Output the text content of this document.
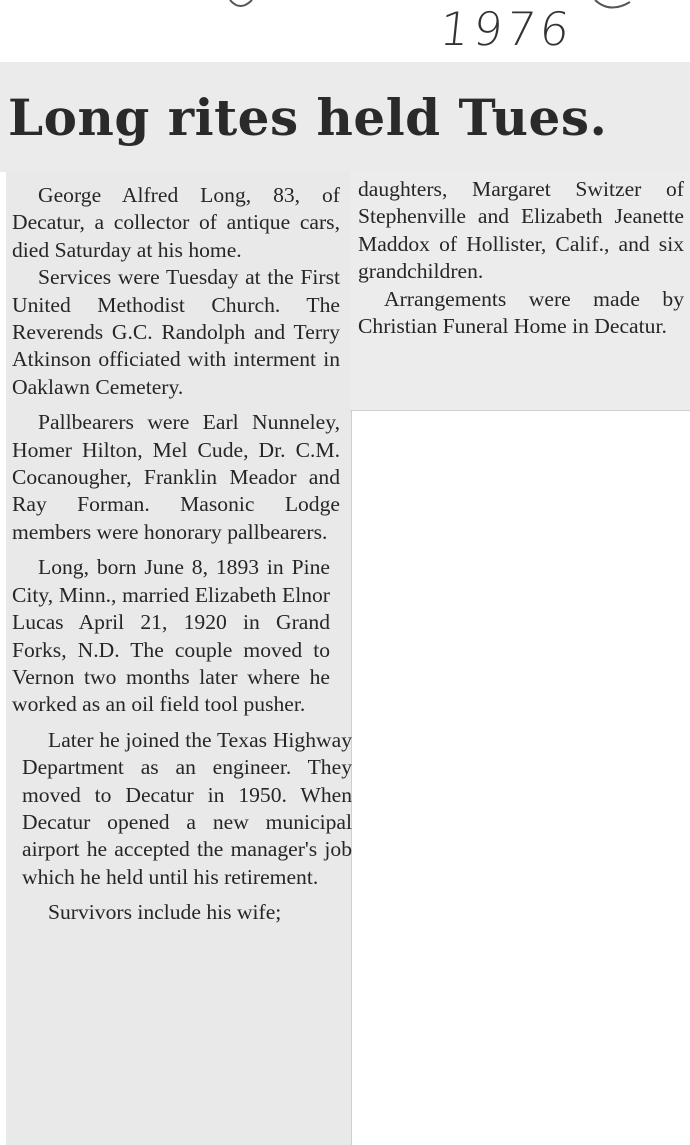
1976
Long rites held Tues.

George Alfred Long, 83, of Decatur, a collector of antique cars, died Saturday at his home.

Services were Tuesday at the First United Methodist Church. The Reverends G.C. Randolph and Terry Atkinson officiated with interment in Oaklawn Cemetery.

Pallbearers were Earl Nunneley, Homer Hilton, Mel Cude, Dr. C.M. Cocanougher, Franklin Meador and Ray Forman. Masonic Lodge members were honorary pallbearers.

Long, born June 8, 1893 in Pine City, Minn., married Elizabeth Elnor Lucas April 21, 1920 in Grand Forks, N.D. The couple moved to Vernon two months later where he worked as an oil field tool pusher.

Later he joined the Texas Highway Department as an engineer. They moved to Decatur in 1950. When Decatur opened a new municipal airport he accepted the manager's job which he held until his retirement.

Survivors include his wife;

daughters, Margaret Switzer of Stephenville and Elizabeth Jeanette Maddox of Hollister, Calif., and six grandchildren.

Arrangements were made by Christian Funeral Home in Decatur.
